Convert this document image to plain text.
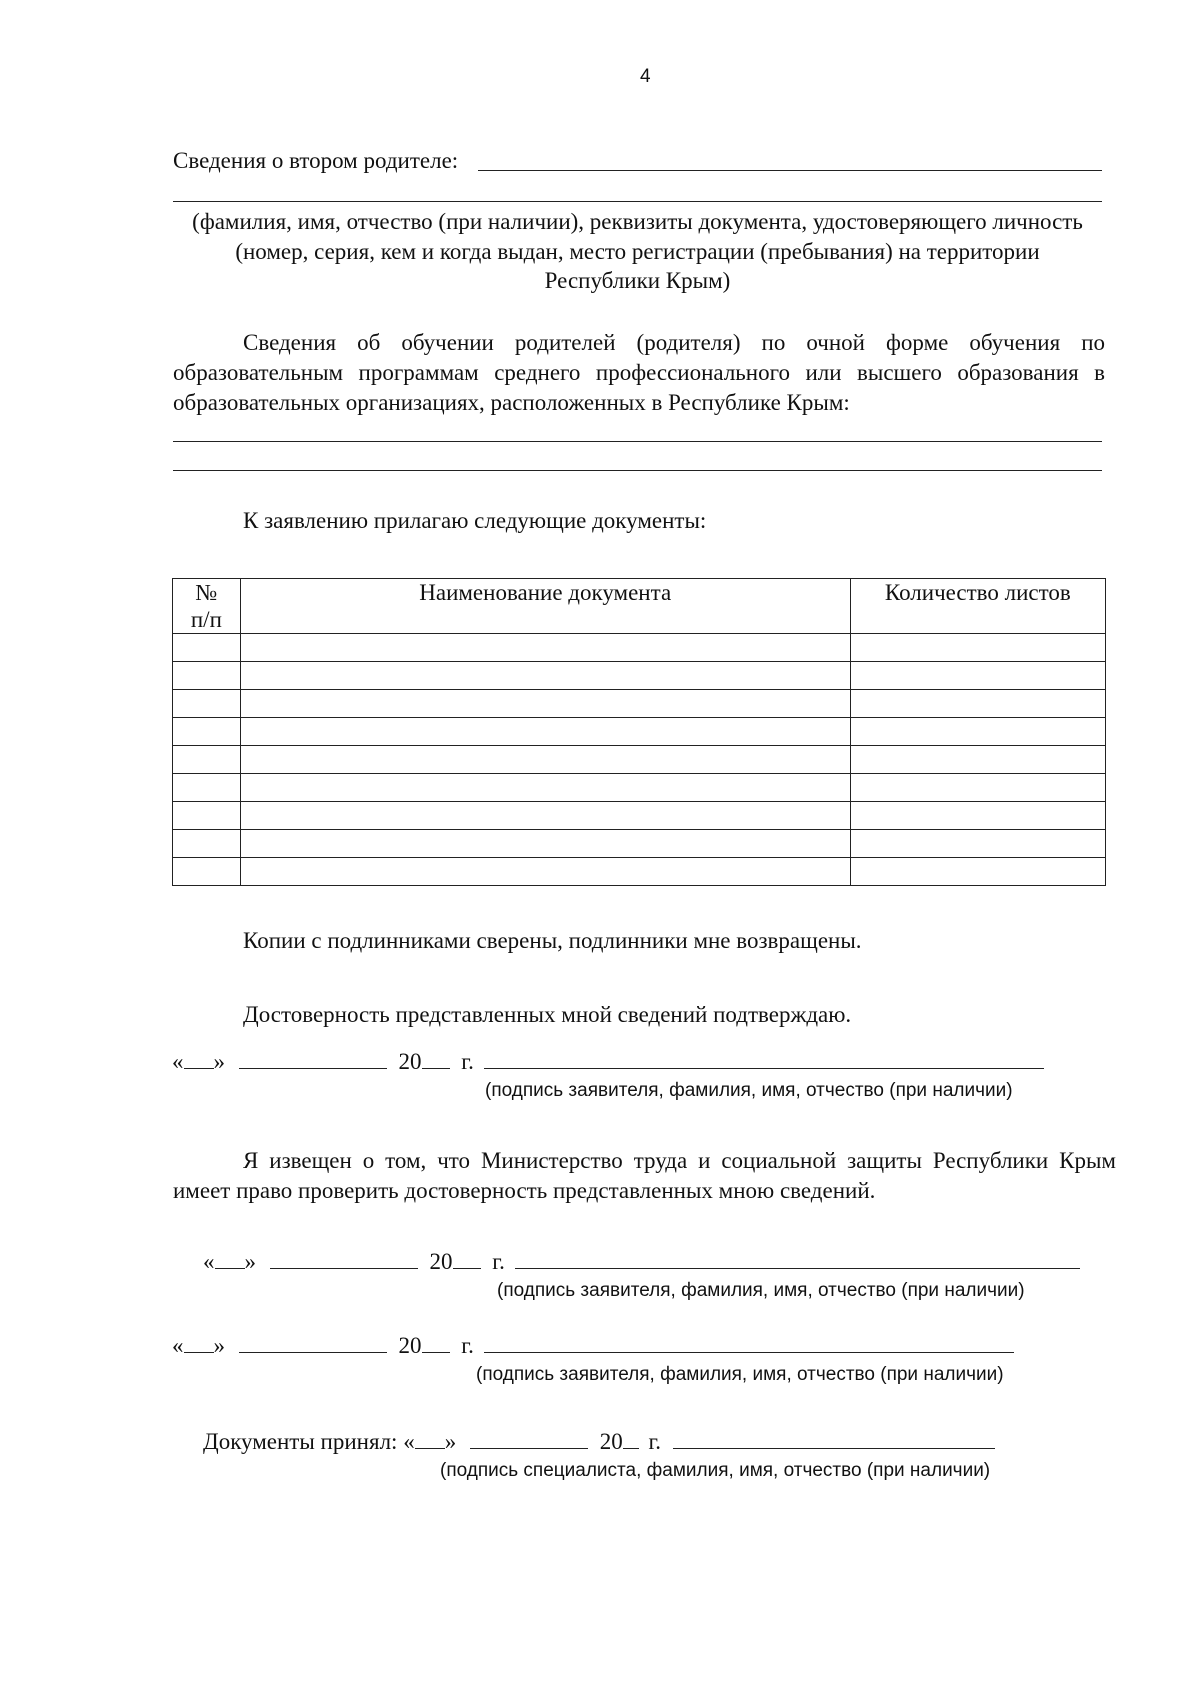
4
Сведения о втором родителе:
(фамилия, имя, отчество (при наличии), реквизиты документа, удостоверяющего личность
(номер, серия, кем и когда выдан, место регистрации (пребывания) на территории
Республики Крым)
Сведения об обучении родителей (родителя) по очной форме обучения по
образовательным программам среднего профессионального или высшего образования в
образовательных организациях, расположенных в Республике Крым:
К заявлению прилагаю следующие документы:
№
п/п	Наименование документа	Количество листов

Копии с подлинниками сверены, подлинники мне возвращены.
Достоверность представленных мной сведений подтверждаю.
« »	20 г.
(подпись заявителя, фамилия, имя, отчество (при наличии)
Я извещен о том, что Министерство труда и социальной защиты Республики Крым
имеет право проверить достоверность представленных мною сведений.
« »	20 г.
(подпись заявителя, фамилия, имя, отчество (при наличии)
« »	20 г.
(подпись заявителя, фамилия, имя, отчество (при наличии)
Документы принял: « »	20 г.
(подпись специалиста, фамилия, имя, отчество (при наличии)
